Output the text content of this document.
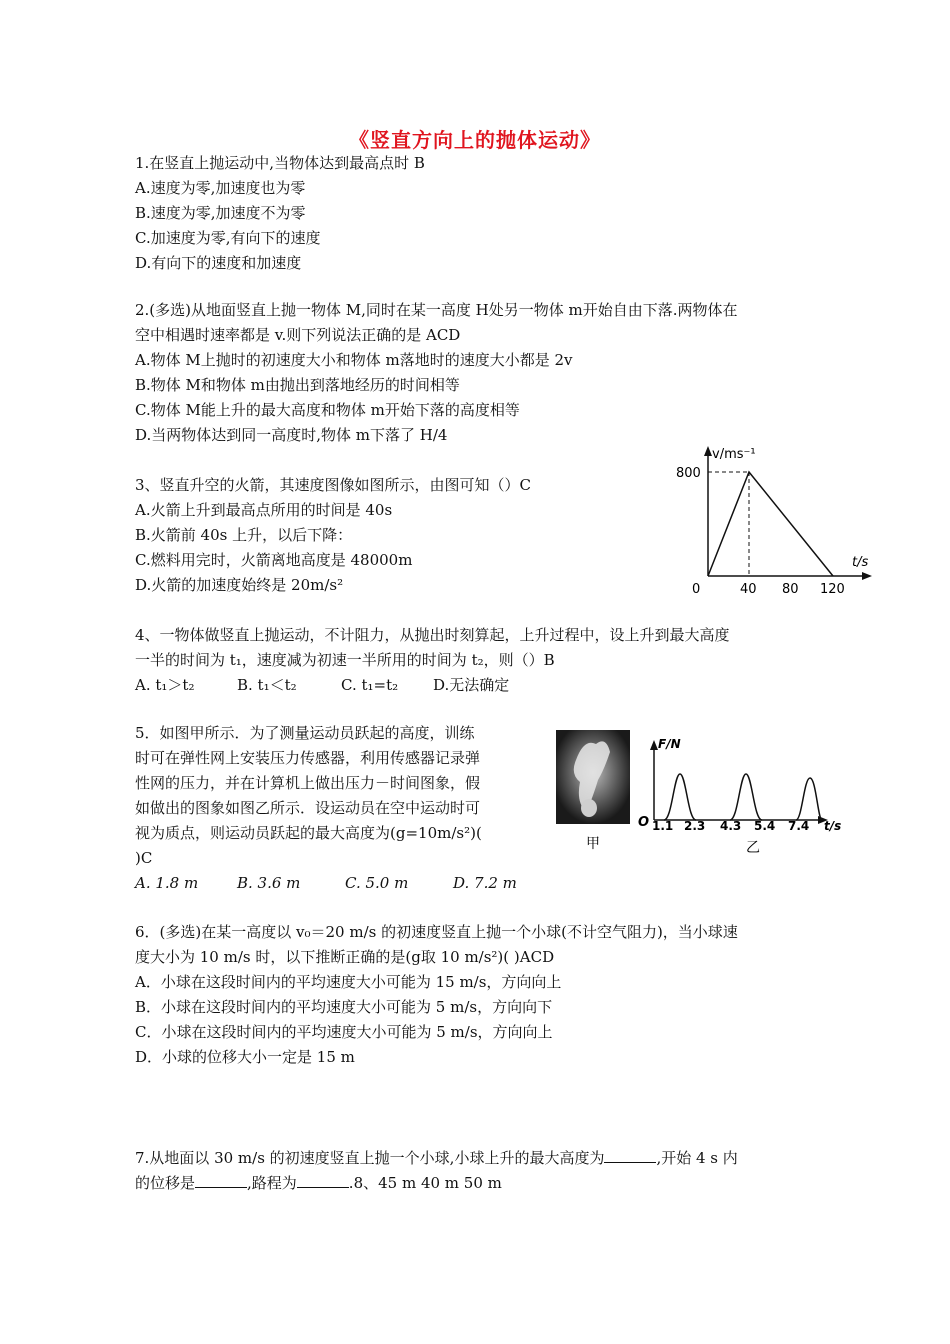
《竖直方向上的抛体运动》
1.在竖直上抛运动中,当物体达到最高点时 B
A.速度为零,加速度也为零
B.速度为零,加速度不为零
C.加速度为零,有向下的速度
D.有向下的速度和加速度
2.(多选)从地面竖直上抛一物体 M,同时在某一高度 H处另一物体 m开始自由下落.两物体在
空中相遇时速率都是 v.则下列说法正确的是 ACD
A.物体 M上抛时的初速度大小和物体 m落地时的速度大小都是 2v
B.物体 M和物体 m由抛出到落地经历的时间相等
C.物体 M能上升的最大高度和物体 m开始下落的高度相等
D.当两物体达到同一高度时,物体 m下落了 H/4
3、竖直升空的火箭，其速度图像如图所示，由图可知（）C
A.火箭上升到最高点所用的时间是 40s
B.火箭前 40s 上升，以后下降：
C.燃料用完时，火箭离地高度是 48000m
D.火箭的加速度始终是 20m/s²
v/ms⁻¹
t/s
800
0	40 80 120
4、一物体做竖直上抛运动，不计阻力，从抛出时刻算起，上升过程中，设上升到最大高度
一半的时间为 t₁，速度减为初速一半所用的时间为 t₂，则（）B
A. t₁＞t₂	B. t₁＜t₂	C. t₁=t₂ D.无法确定
5．如图甲所示．为了测量运动员跃起的高度，训练
时可在弹性网上安装压力传感器，利用传感器记录弹
性网的压力，并在计算机上做出压力－时间图象，假
如做出的图象如图乙所示．设运动员在空中运动时可
视为质点，则运动员跃起的最大高度为(g=10m/s²)(
)C
A. 1.8 m	B. 3.6 m	C. 5.0 m	D. 7.2 m
甲
F/N
t/s
O 1.1 2.3 4.3 5.4 7.4
乙
6．(多选)在某一高度以 v₀＝20 m/s 的初速度竖直上抛一个小球(不计空气阻力)，当小球速
度大小为 10 m/s 时，以下推断正确的是(g取 10 m/s²)( )ACD
A．小球在这段时间内的平均速度大小可能为 15 m/s，方向向上
B．小球在这段时间内的平均速度大小可能为 5 m/s，方向向下
C．小球在这段时间内的平均速度大小可能为 5 m/s，方向向上
D．小球的位移大小一定是 15 m
7.从地面以 30 m/s 的初速度竖直上抛一个小球,小球上升的最大高度为	,开始 4 s 内
的位移是	,路程为	.8、45 m 40 m 50 m
